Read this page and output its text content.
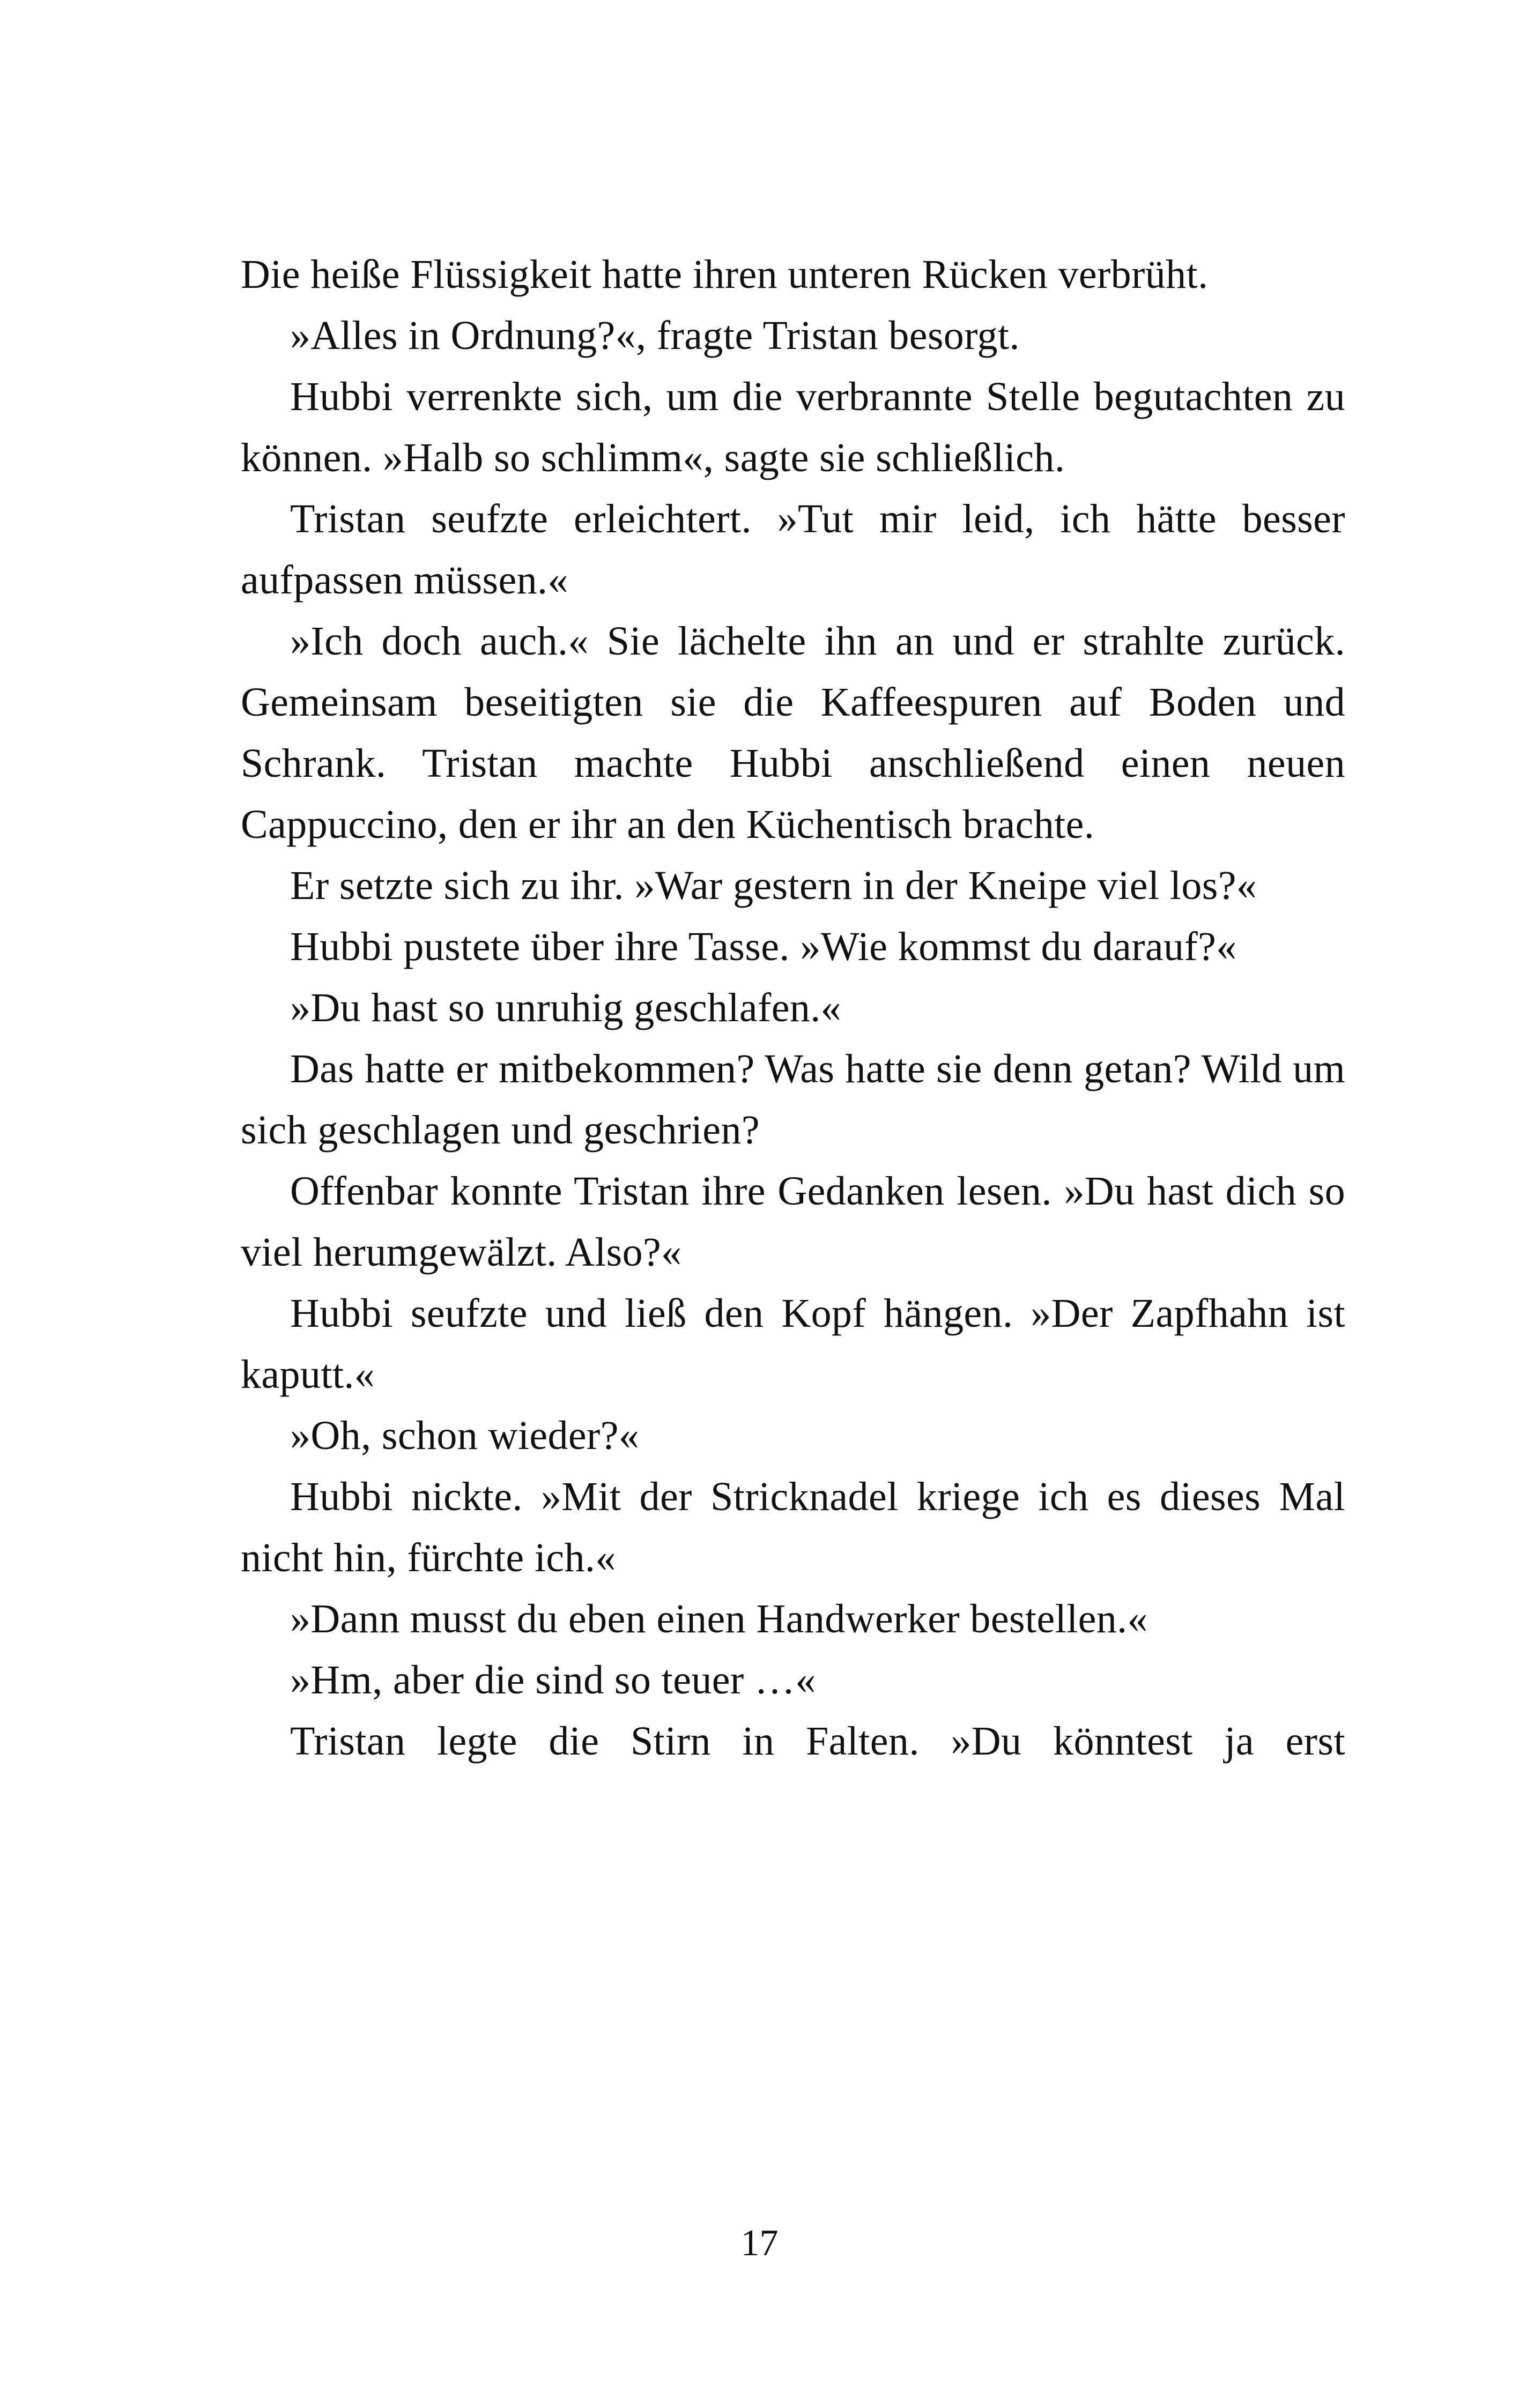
Die heiße Flüssigkeit hatte ihren unteren Rücken verbrüht.

»Alles in Ordnung?«, fragte Tristan besorgt.

Hubbi verrenkte sich, um die verbrannte Stelle begutachten zu können. »Halb so schlimm«, sagte sie schließlich.

Tristan seufzte erleichtert. »Tut mir leid, ich hätte besser aufpassen müssen.«

»Ich doch auch.« Sie lächelte ihn an und er strahlte zurück. Gemeinsam beseitigten sie die Kaffeespuren auf Boden und Schrank. Tristan machte Hubbi anschließend einen neuen Cappuccino, den er ihr an den Küchentisch brachte.

Er setzte sich zu ihr. »War gestern in der Kneipe viel los?«

Hubbi pustete über ihre Tasse. »Wie kommst du darauf?«

»Du hast so unruhig geschlafen.«

Das hatte er mitbekommen? Was hatte sie denn getan? Wild um sich geschlagen und geschrien?

Offenbar konnte Tristan ihre Gedanken lesen. »Du hast dich so viel herumgewälzt. Also?«

Hubbi seufzte und ließ den Kopf hängen. »Der Zapfhahn ist kaputt.«

»Oh, schon wieder?«

Hubbi nickte. »Mit der Stricknadel kriege ich es dieses Mal nicht hin, fürchte ich.«

»Dann musst du eben einen Handwerker bestellen.«

»Hm, aber die sind so teuer …«

Tristan legte die Stirn in Falten. »Du könntest ja erst

17
